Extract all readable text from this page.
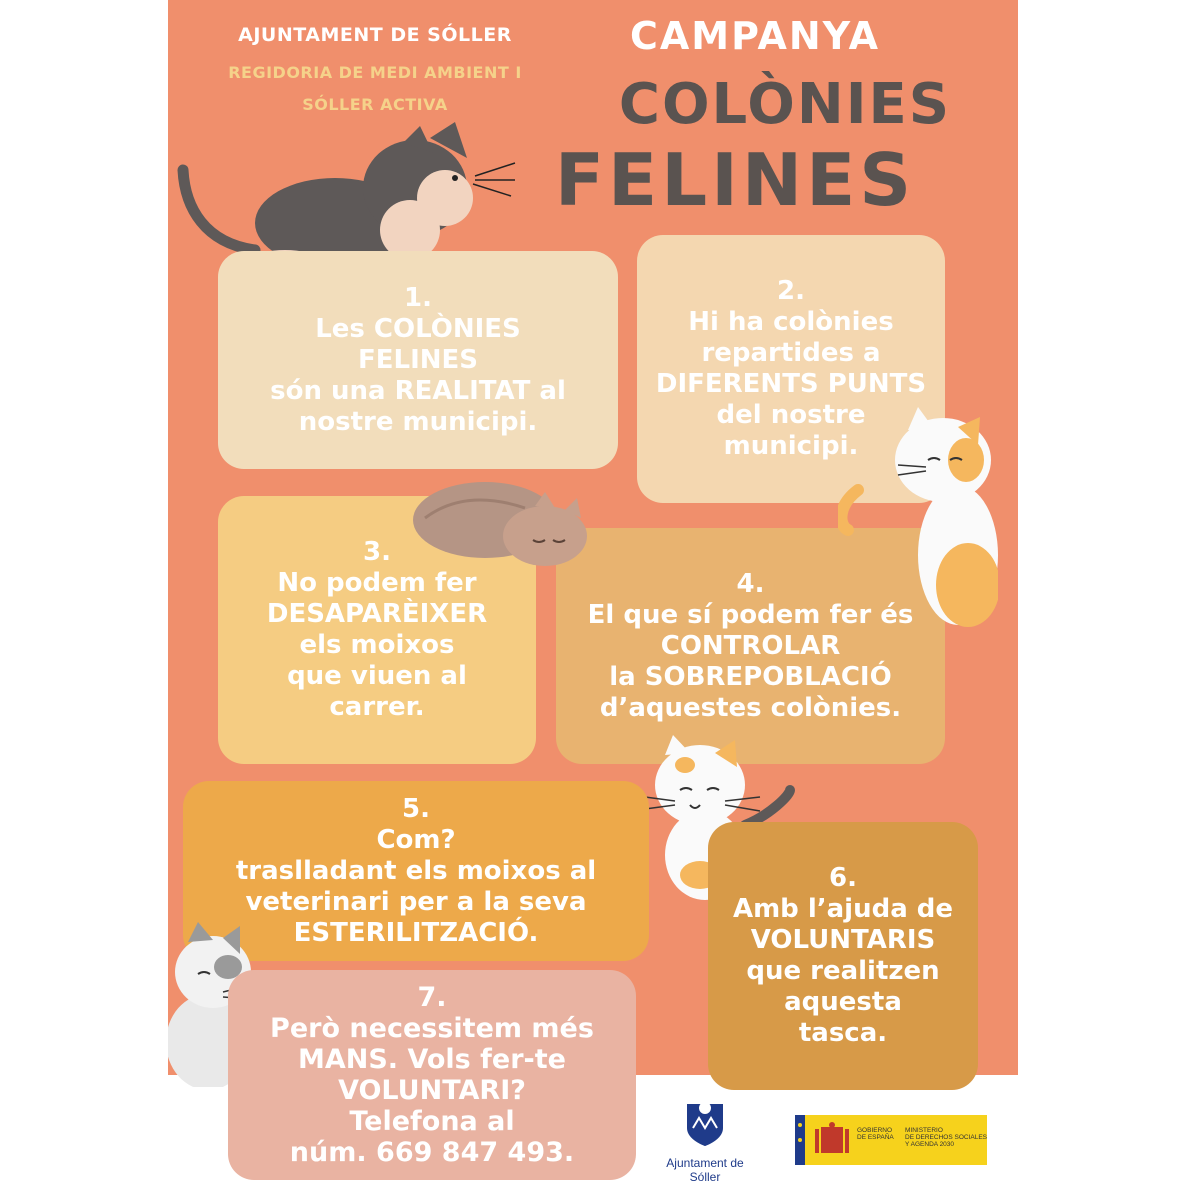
AJUNTAMENT DE SÓLLER
REGIDORIA DE MEDI AMBIENT I
SÓLLER ACTIVA
CAMPANYA
COLÒNIES
FELINES
1.
Les COLÒNIES
FELINES
són una REALITAT al
nostre municipi.
2.
Hi ha colònies
repartides a
DIFERENTS PUNTS
del nostre
municipi.
3.
No podem fer
DESAPARÈIXER
els moixos
que viuen al
carrer.
4.
El que sí podem fer és
CONTROLAR
la SOBREPOBLACIÓ
d’aquestes colònies.
5.
Com?
traslladant els moixos al
veterinari per a la seva
ESTERILITZACIÓ.
6.
Amb l’ajuda de
VOLUNTARIS
que realitzen
aquesta
tasca.
7.
Però necessitem més
MANS. Vols fer-te
VOLUNTARI?
Telefona al
núm. 669 847 493.	Ajuntament de Sóller
GOBIERNO
DE ESPAÑA
MINISTERIO
DE DERECHOS SOCIALES
Y AGENDA 2030
